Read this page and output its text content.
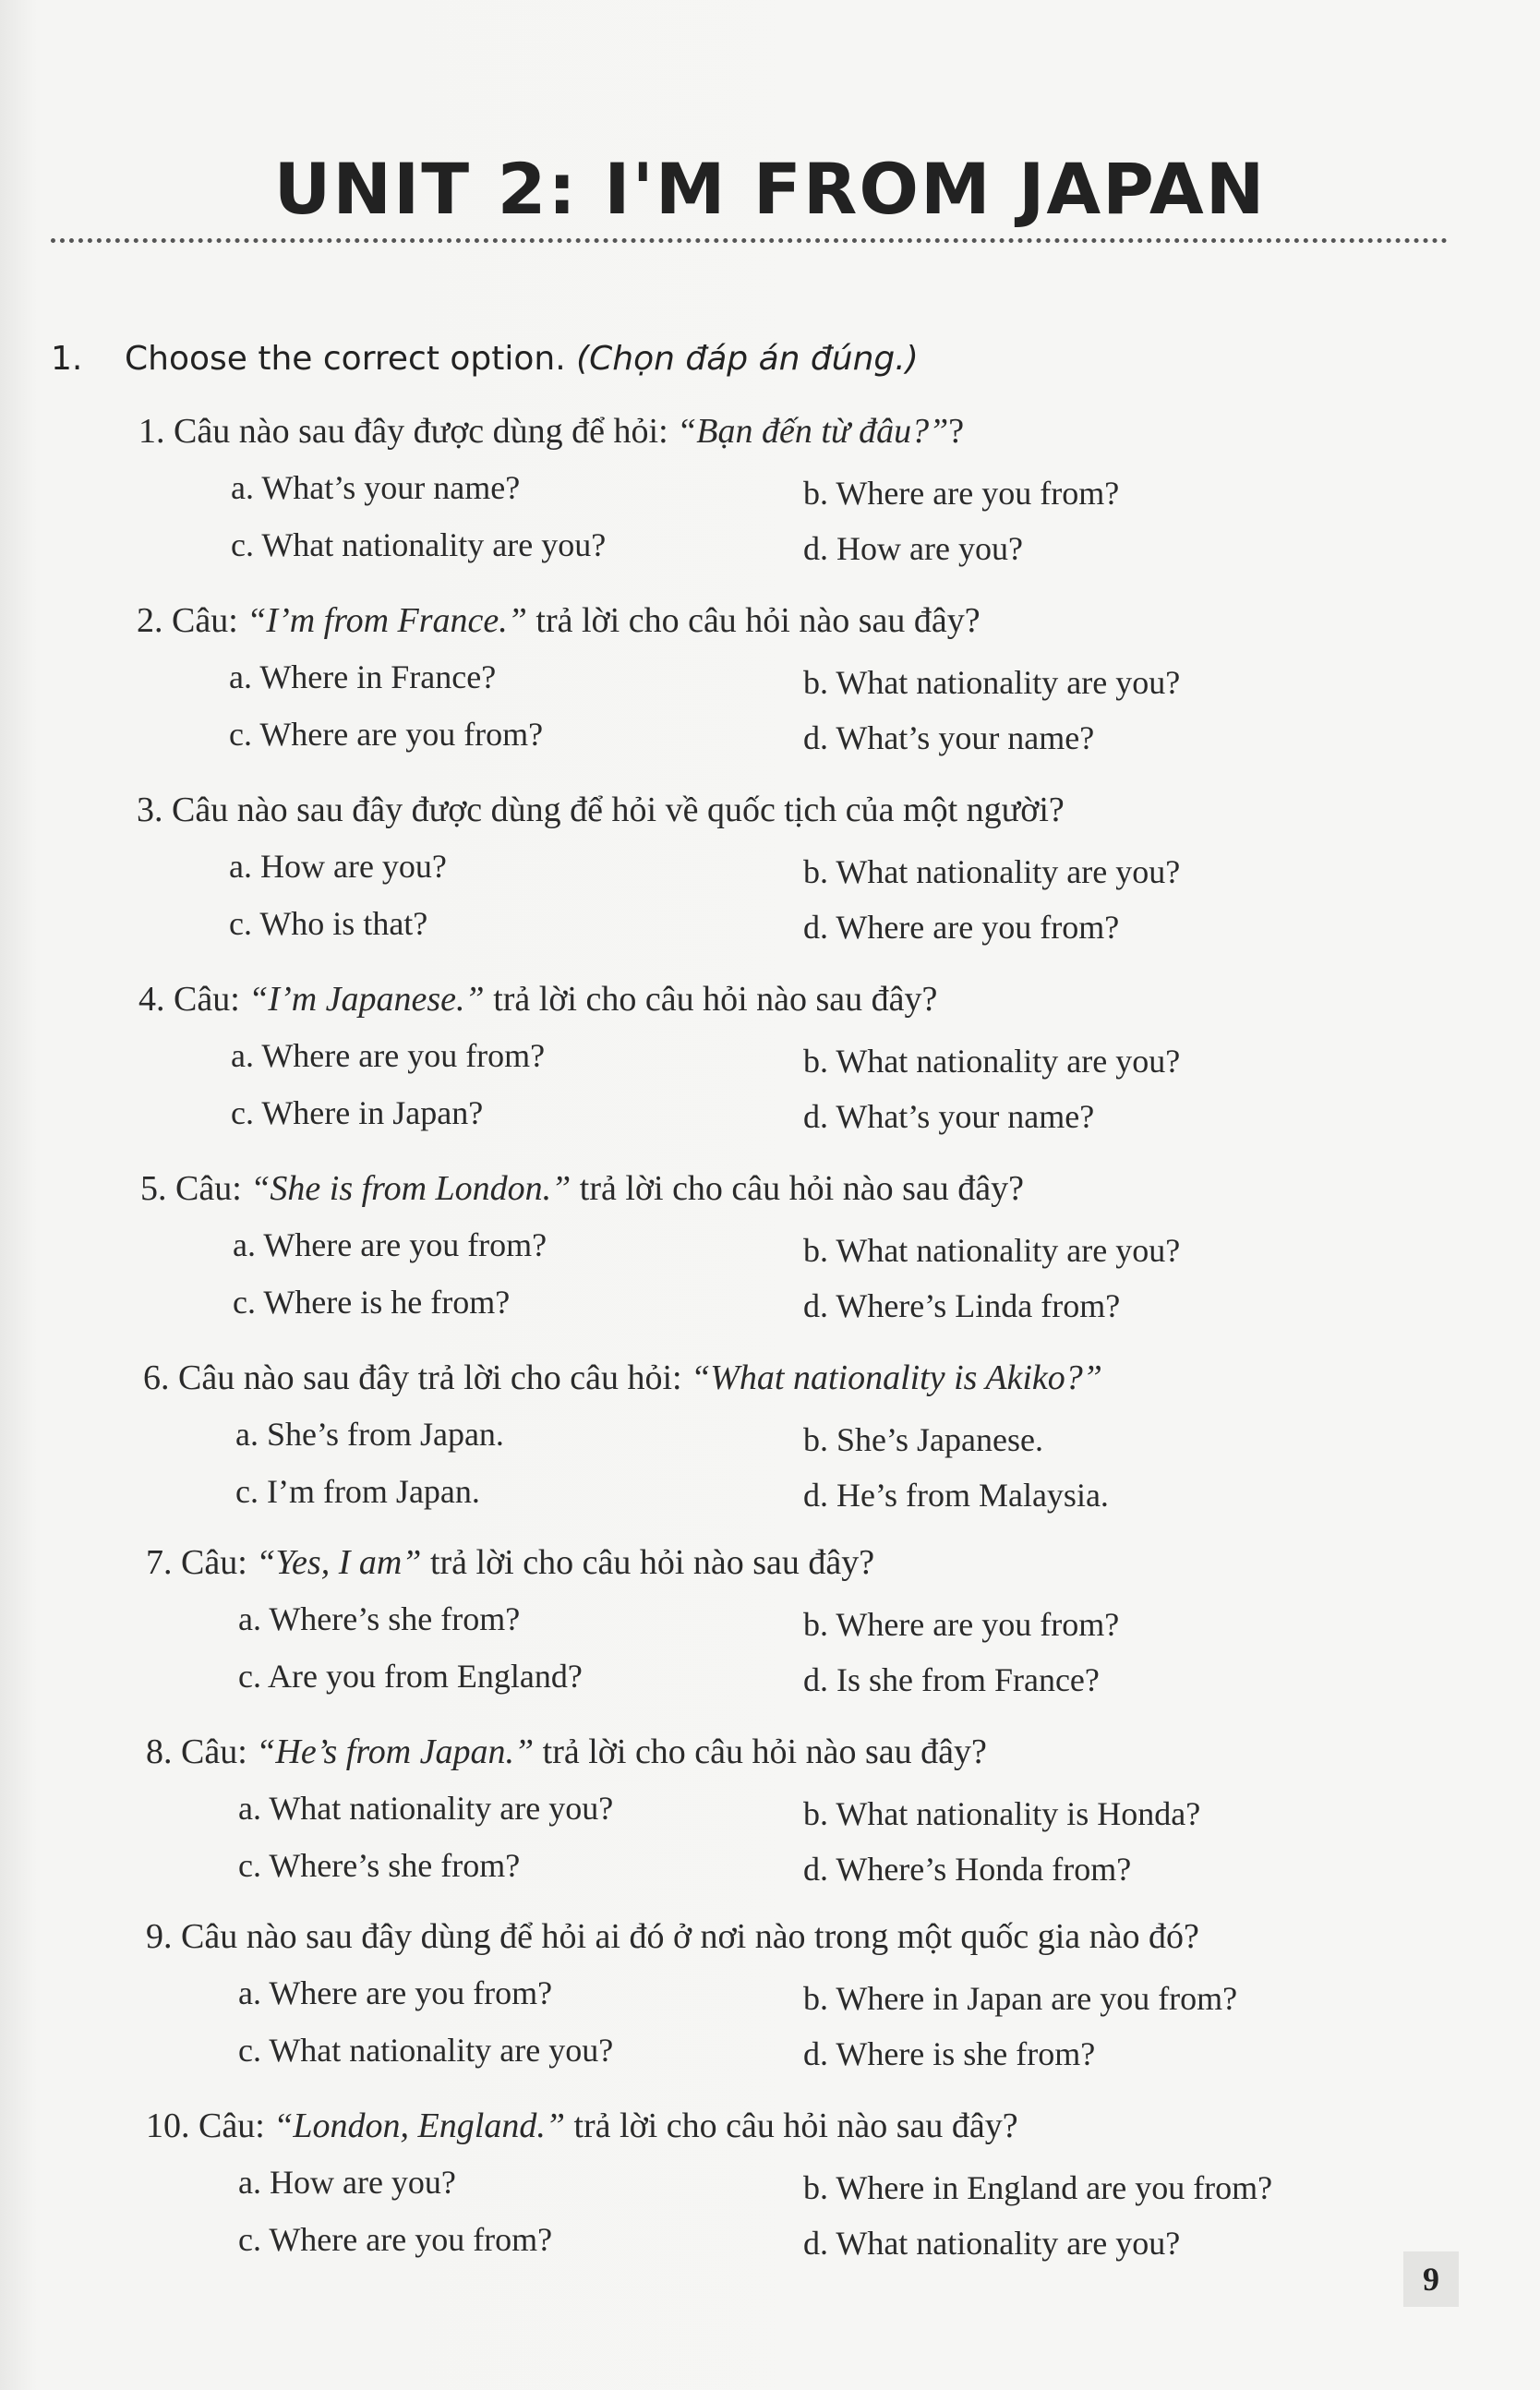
UNIT 2: I'M FROM JAPAN
1. Choose the correct option. (Chọn đáp án đúng.)
1. Câu nào sau đây được dùng để hỏi: “Bạn đến từ đâu?”?
a. What’s your name?	b. Where are you from?
c. What nationality are you?	d. How are you?
2. Câu: “I’m from France.” trả lời cho câu hỏi nào sau đây?
a. Where in France?	b. What nationality are you?
c. Where are you from?	d. What’s your name?
3. Câu nào sau đây được dùng để hỏi về quốc tịch của một người?
a. How are you?	b. What nationality are you?
c. Who is that?	d. Where are you from?
4. Câu: “I’m Japanese.” trả lời cho câu hỏi nào sau đây?
a. Where are you from?	b. What nationality are you?
c. Where in Japan?	d. What’s your name?
5. Câu: “She is from London.” trả lời cho câu hỏi nào sau đây?
a. Where are you from?	b. What nationality are you?
c. Where is he from?	d. Where’s Linda from?
6. Câu nào sau đây trả lời cho câu hỏi: “What nationality is Akiko?”
a. She’s from Japan.	b. She’s Japanese.
c. I’m from Japan.	d. He’s from Malaysia.
7. Câu: “Yes, I am” trả lời cho câu hỏi nào sau đây?
a. Where’s she from?	b. Where are you from?
c. Are you from England?	d. Is she from France?
8. Câu: “He’s from Japan.” trả lời cho câu hỏi nào sau đây?
a. What nationality are you?	b. What nationality is Honda?
c. Where’s she from?	d. Where’s Honda from?
9. Câu nào sau đây dùng để hỏi ai đó ở nơi nào trong một quốc gia nào đó?
a. Where are you from?	b. Where in Japan are you from?
c. What nationality are you?	d. Where is she from?
10. Câu: “London, England.” trả lời cho câu hỏi nào sau đây?
a. How are you?	b. Where in England are you from?
c. Where are you from?	d. What nationality are you?
9
